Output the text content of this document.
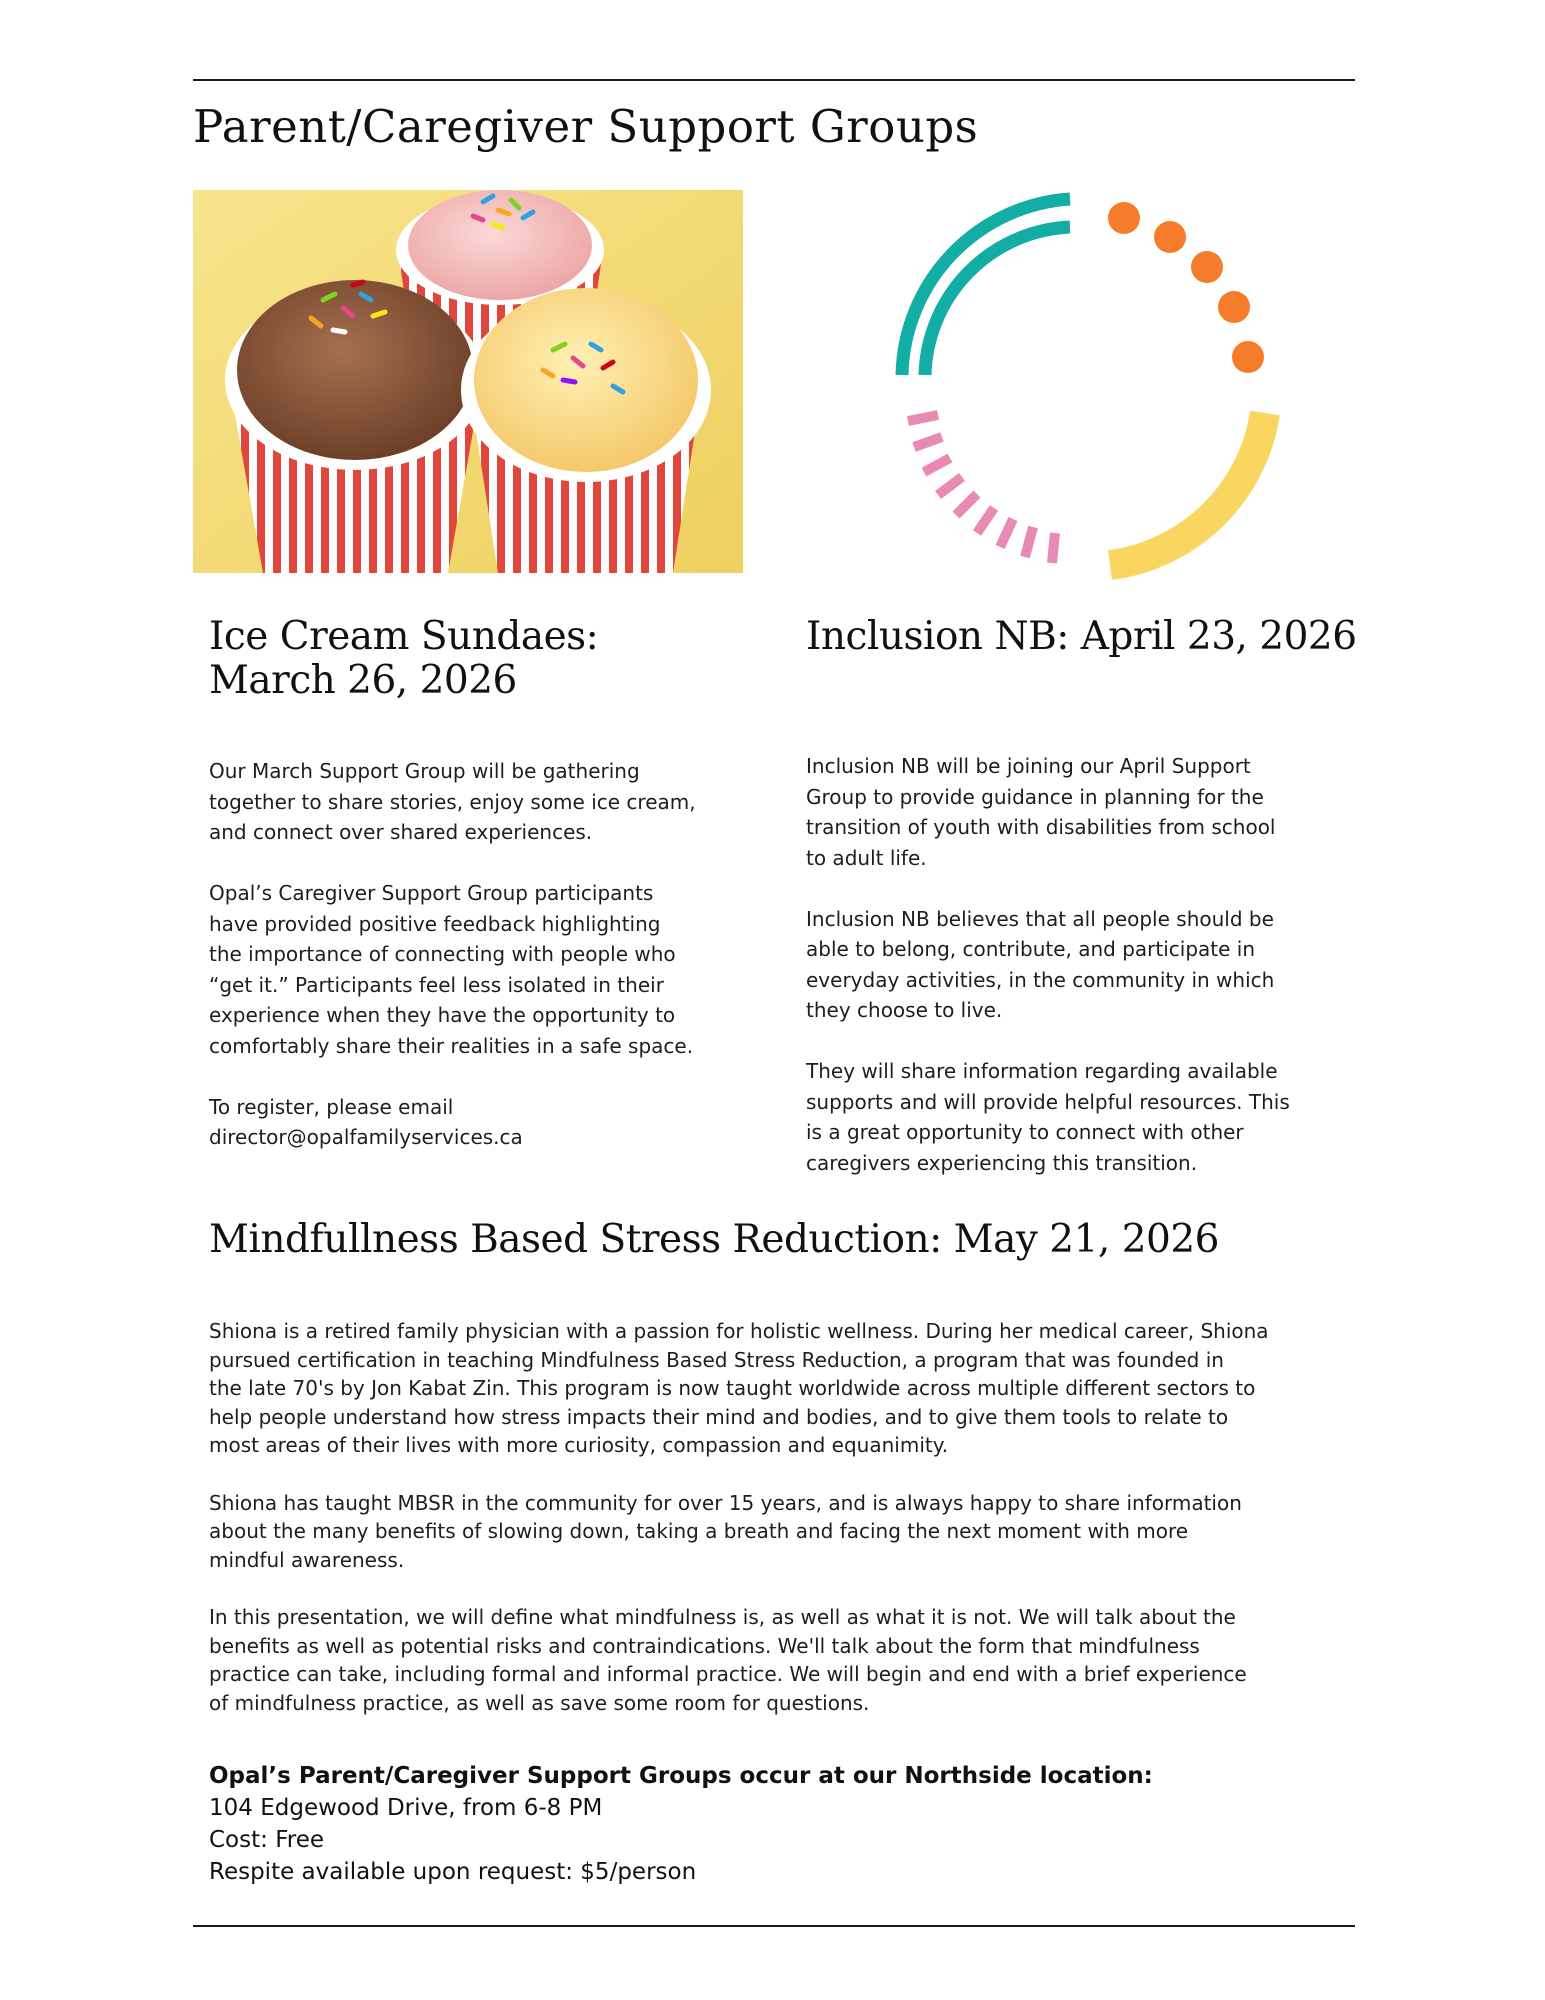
Parent/Caregiver Support Groups
Ice Cream Sundaes:
March 26, 2026

Our March Support Group will be gathering
together to share stories, enjoy some ice cream,
and connect over shared experiences.

Opal’s Caregiver Support Group participants
have provided positive feedback highlighting
the importance of connecting with people who
“get it.” Participants feel less isolated in their
experience when they have the opportunity to
comfortably share their realities in a safe space.

To register, please email
director@opalfamilyservices.ca

Inclusion NB: April 23, 2026

Inclusion NB will be joining our April Support
Group to provide guidance in planning for the
transition of youth with disabilities from school
to adult life.

Inclusion NB believes that all people should be
able to belong, contribute, and participate in
everyday activities, in the community in which
they choose to live.

They will share information regarding available
supports and will provide helpful resources. This
is a great opportunity to connect with other
caregivers experiencing this transition.

Mindfullness Based Stress Reduction: May 21, 2026

Shiona is a retired family physician with a passion for holistic wellness. During her medical career, Shiona
pursued certification in teaching Mindfulness Based Stress Reduction, a program that was founded in
the late 70's by Jon Kabat Zin. This program is now taught worldwide across multiple different sectors to
help people understand how stress impacts their mind and bodies, and to give them tools to relate to
most areas of their lives with more curiosity, compassion and equanimity.

Shiona has taught MBSR in the community for over 15 years, and is always happy to share information
about the many benefits of slowing down, taking a breath and facing the next moment with more
mindful awareness.

In this presentation, we will define what mindfulness is, as well as what it is not. We will talk about the
benefits as well as potential risks and contraindications. We'll talk about the form that mindfulness
practice can take, including formal and informal practice. We will begin and end with a brief experience
of mindfulness practice, as well as save some room for questions.

Opal’s Parent/Caregiver Support Groups occur at our Northside location:
104 Edgewood Drive, from 6-8 PM
Cost: Free
Respite available upon request: $5/person
